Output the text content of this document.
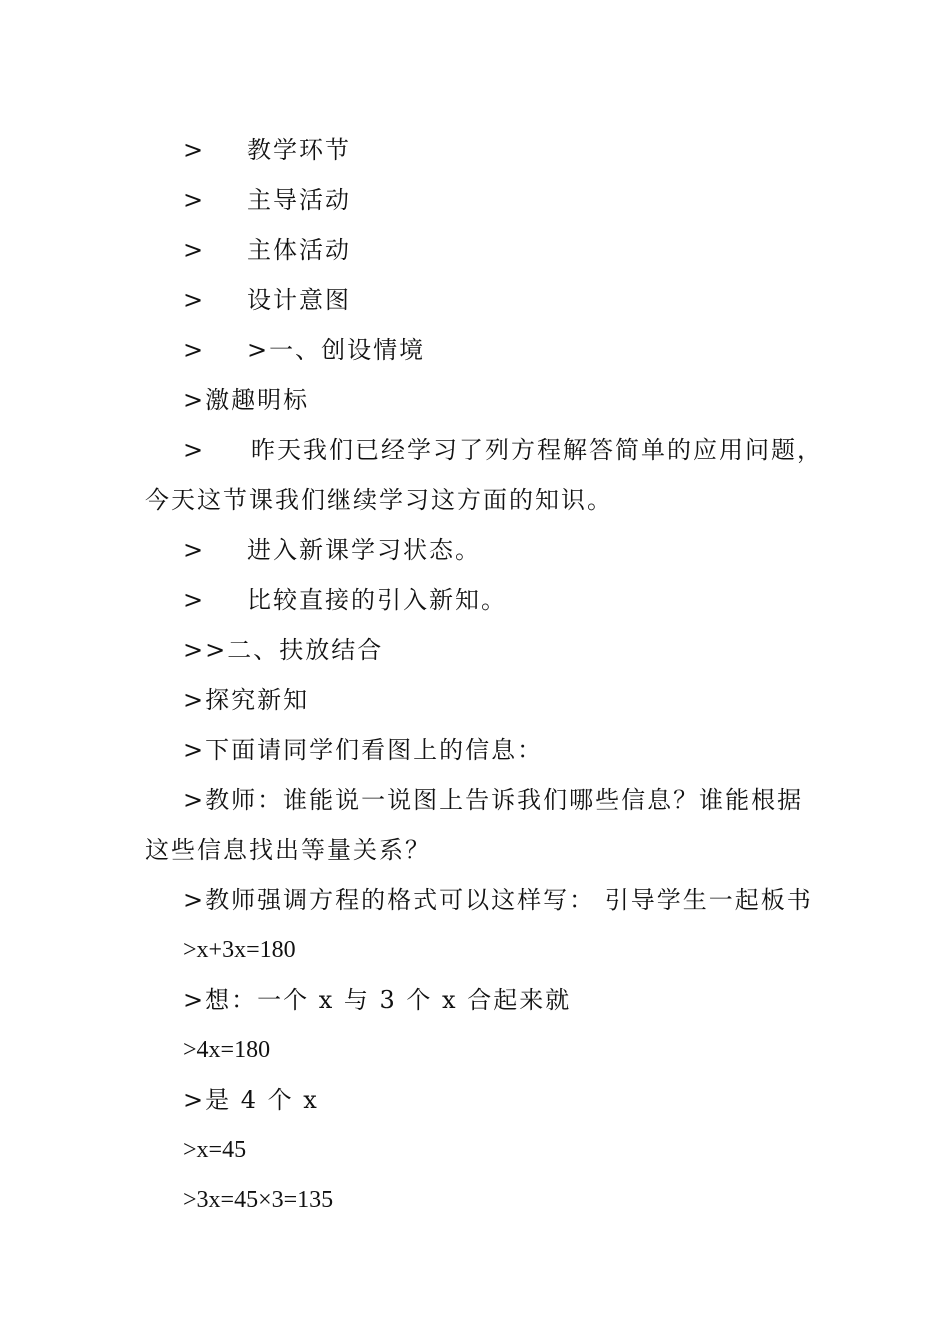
> 教学环节
> 主导活动
> 主体活动
> 设计意图
> >一、创设情境
>激趣明标
> 昨天我们已经学习了列方程解答简单的应用问题，
今天这节课我们继续学习这方面的知识。
> 进入新课学习状态。
> 比较直接的引入新知。
>>二、扶放结合
>探究新知
>下面请同学们看图上的信息：
>教师：谁能说一说图上告诉我们哪些信息？谁能根据
这些信息找出等量关系？
>教师强调方程的格式可以这样写： 引导学生一起板书
>x+3x=180
>想：一个 x 与 3 个 x 合起来就
>4x=180
>是 4 个 x
>x=45
>3x=45×3=135
